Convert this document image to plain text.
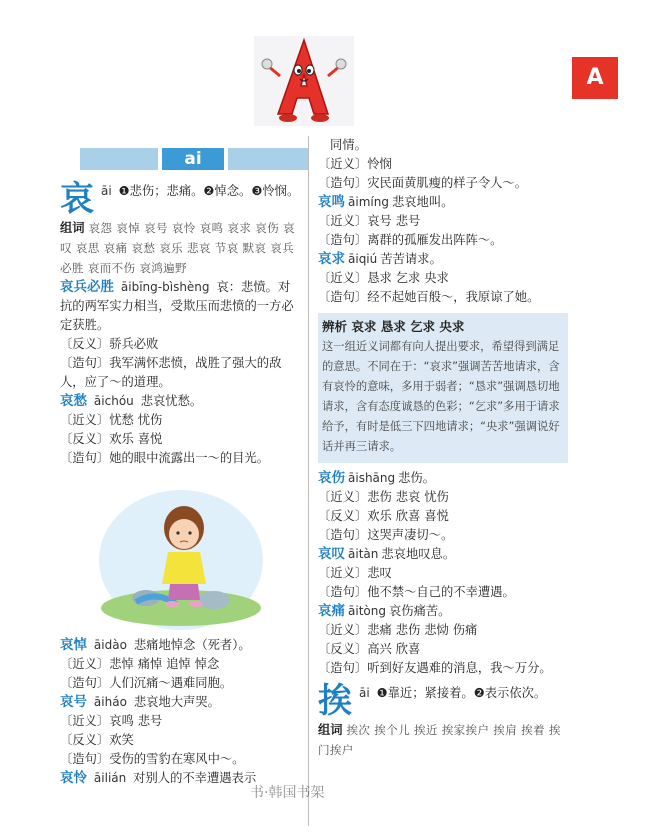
A
ai
哀 āi ❶悲伤；悲痛。❷悼念。❸怜悯。
组词 哀怨 哀悼 哀号 哀怜 哀鸣 哀求 哀伤 哀叹 哀思 哀痛 哀愁 哀乐 悲哀 节哀 默哀 哀兵必胜 哀而不伤 哀鸿遍野
哀兵必胜 āibīng-bìshèng 哀：悲愤。对抗的两军实力相当，受欺压而悲愤的一方必定获胜。
〔反义〕骄兵必败
〔造句〕我军满怀悲愤，战胜了强大的敌人，应了～的道理。
哀愁 āichóu 悲哀忧愁。
〔近义〕忧愁 忧伤
〔反义〕欢乐 喜悦
〔造句〕她的眼中流露出一～的目光。
哀悼 āidào 悲痛地悼念（死者）。
〔近义〕悲悼 痛悼 追悼 悼念
〔造句〕人们沉痛～遇难同胞。
哀号 āiháo 悲哀地大声哭。
〔近义〕哀鸣 悲号
〔反义〕欢笑
〔造句〕受伤的雪豹在寒风中～。
哀怜 āilián 对别人的不幸遭遇表示
同情。
〔近义〕怜悯
〔造句〕灾民面黄肌瘦的样子令人～。
哀鸣 āimíng 悲哀地叫。
〔近义〕哀号 悲号
〔造句〕离群的孤雁发出阵阵～。
哀求 āiqiú 苦苦请求。
〔近义〕恳求 乞求 央求
〔造句〕经不起她百般～，我原谅了她。
辨析 哀求 恳求 乞求 央求
这一组近义词都有向人提出要求，希望得到满足的意思。不同在于：“哀求”强调苦苦地请求，含有哀怜的意味，多用于弱者；“恳求”强调恳切地请求，含有态度诚恳的色彩；“乞求”多用于请求给予，有时是低三下四地请求；“央求”强调说好话并再三请求。
哀伤 āishāng 悲伤。
〔近义〕悲伤 悲哀 忧伤
〔反义〕欢乐 欣喜 喜悦
〔造句〕这哭声凄切～。
哀叹 āitàn 悲哀地叹息。
〔近义〕悲叹
〔造句〕他不禁～自己的不幸遭遇。
哀痛 āitòng 哀伤痛苦。
〔近义〕悲痛 悲伤 悲恸 伤痛
〔反义〕高兴 欣喜
〔造句〕听到好友遇难的消息，我～万分。
挨 āi ❶靠近；紧接着。❷表示依次。
组词 挨次 挨个儿 挨近 挨家挨户 挨肩 挨着 挨门挨户
书·韩国书架
